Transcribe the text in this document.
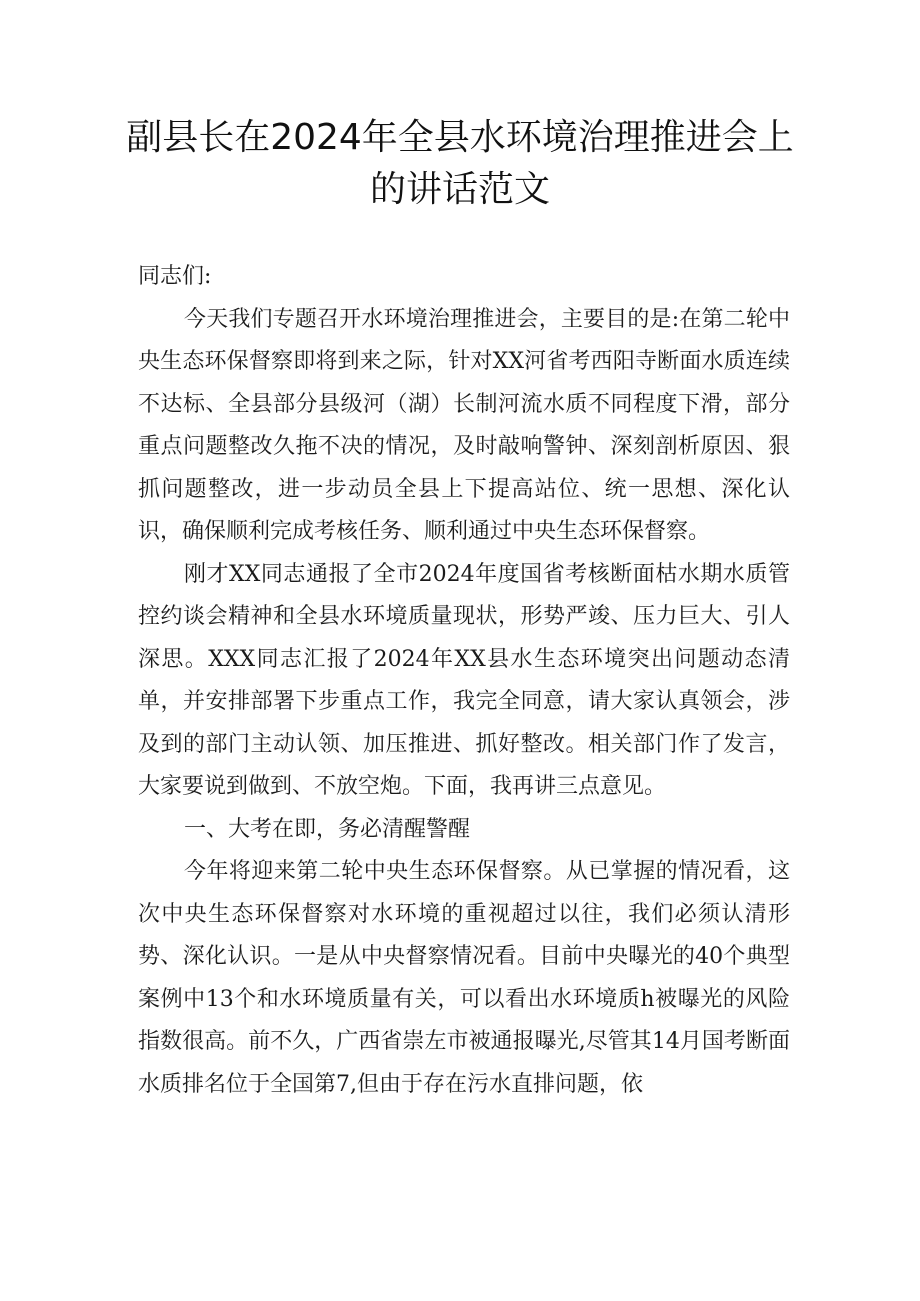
副县长在2024年全县水环境治理推进会上
的讲话范文

同志们:

今天我们专题召开水环境治理推进会，主要目的是:在第二轮中央生态环保督察即将到来之际，针对XX河省考西阳寺断面水质连续不达标、全县部分县级河（湖）长制河流水质不同程度下滑，部分重点问题整改久拖不决的情况，及时敲响警钟、深刻剖析原因、狠抓问题整改，进一步动员全县上下提高站位、统一思想、深化认识，确保顺利完成考核任务、顺利通过中央生态环保督察。

刚才XX同志通报了全市2024年度国省考核断面枯水期水质管控约谈会精神和全县水环境质量现状，形势严竣、压力巨大、引人深思。XXX同志汇报了2024年XX县水生态环境突出问题动态清单，并安排部署下步重点工作，我完全同意，请大家认真领会，涉及到的部门主动认领、加压推进、抓好整改。相关部门作了发言，大家要说到做到、不放空炮。下面，我再讲三点意见。

一、大考在即，务必清醒警醒

今年将迎来第二轮中央生态环保督察。从已掌握的情况看，这次中央生态环保督察对水环境的重视超过以往，我们必须认清形势、深化认识。一是从中央督察情况看。目前中央曝光的40个典型案例中13个和水环境质量有关，可以看出水环境质h被曝光的风险指数很高。前不久，广西省崇左市被通报曝光,尽管其14月国考断面水质排名位于全国第7,但由于存在污水直排问题，依
